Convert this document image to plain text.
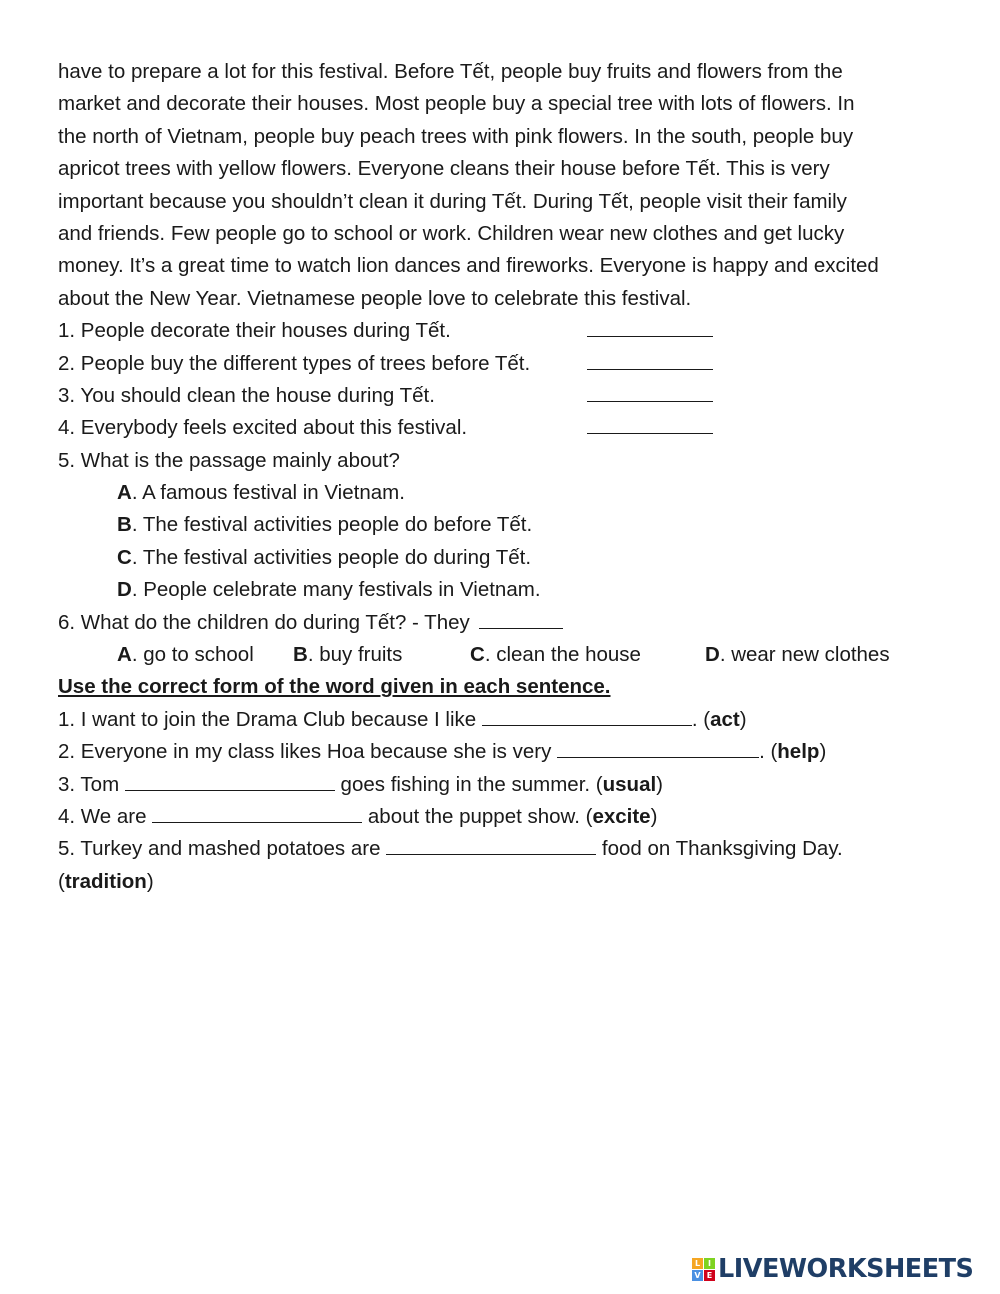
have to prepare a lot for this festival. Before Tết, people buy fruits and flowers from the
market and decorate their houses. Most people buy a special tree with lots of flowers. In
the north of Vietnam, people buy peach trees with pink flowers. In the south, people buy
apricot trees with yellow flowers. Everyone cleans their house before Tết. This is very
important because you shouldn’t clean it during Tết. During Tết, people visit their family
and friends. Few people go to school or work. Children wear new clothes and get lucky
money. It’s a great time to watch lion dances and fireworks. Everyone is happy and excited
about the New Year. Vietnamese people love to celebrate this festival.
1. People decorate their houses during Tết.
2. People buy the different types of trees before Tết.
3. You should clean the house during Tết.
4. Everybody feels excited about this festival.
5. What is the passage mainly about?
A. A famous festival in Vietnam.
B. The festival activities people do before Tết.
C. The festival activities people do during Tết.
D. People celebrate many festivals in Vietnam.
6. What do the children do during Tết? - They
A. go to school B. buy fruits	C. clean the house	D. wear new clothes
Use the correct form of the word given in each sentence.
1. I want to join the Drama Club because I like	. (act)
2. Everyone in my class likes Hoa because she is very	. (help)
3. Tom	goes fishing in the summer. (usual)
4. We are	about the puppet show. (excite)
5. Turkey and mashed potatoes are	food on Thanksgiving Day.
(tradition)
L I
V E LIVEWORKSHEETS
